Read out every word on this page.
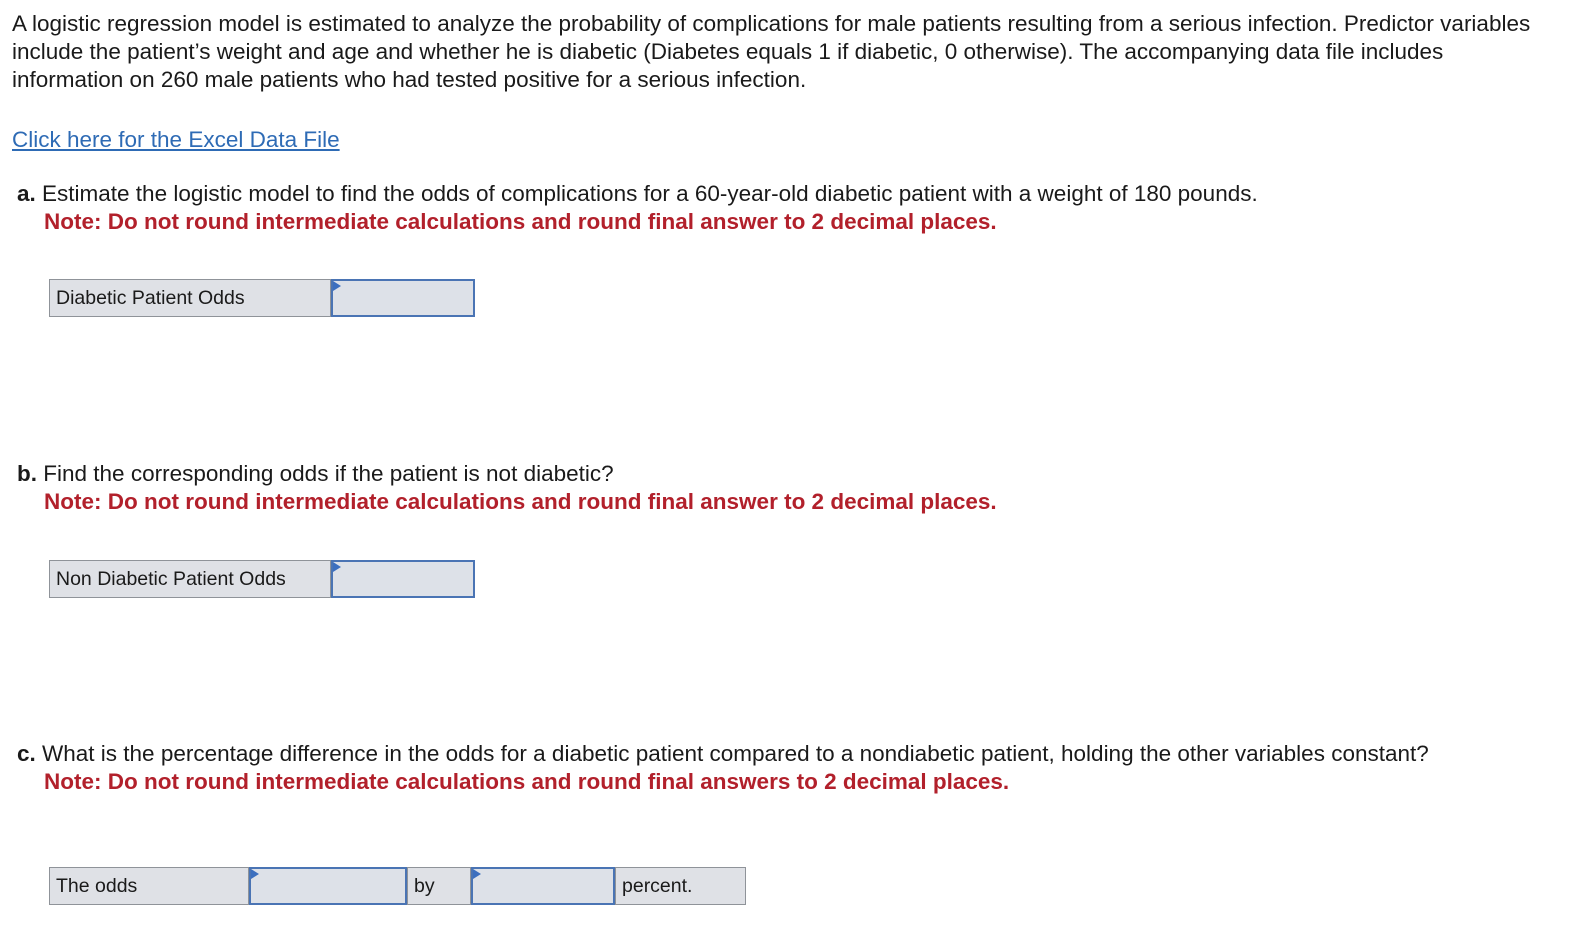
A logistic regression model is estimated to analyze the probability of complications for male patients resulting from a serious infection. Predictor variables include the patient’s weight and age and whether he is diabetic (Diabetes equals 1 if diabetic, 0 otherwise). The accompanying data file includes information on 260 male patients who had tested positive for a serious infection.

Click here for the Excel Data File
a. Estimate the logistic model to find the odds of complications for a 60-year-old diabetic patient with a weight of 180 pounds.
Note: Do not round intermediate calculations and round final answer to 2 decimal places.
Diabetic Patient Odds
b. Find the corresponding odds if the patient is not diabetic?
Note: Do not round intermediate calculations and round final answer to 2 decimal places.
Non Diabetic Patient Odds
c. What is the percentage difference in the odds for a diabetic patient compared to a nondiabetic patient, holding the other variables constant?
Note: Do not round intermediate calculations and round final answers to 2 decimal places.
The odds	by	percent.
